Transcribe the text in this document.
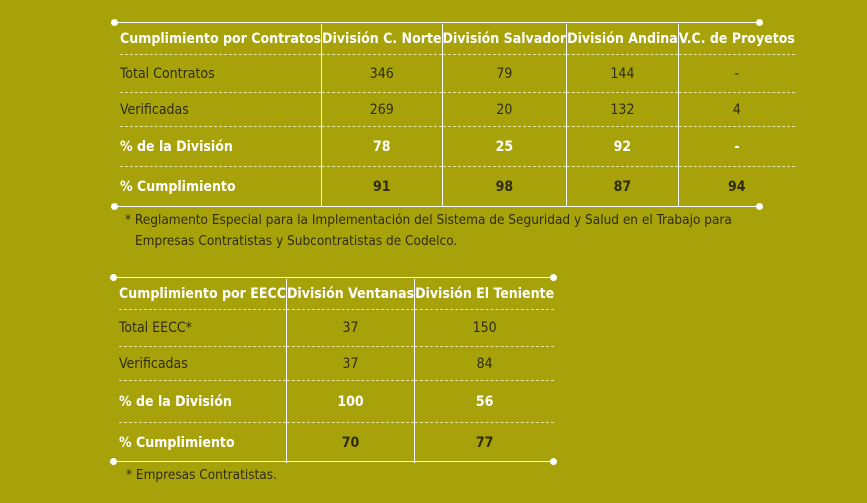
Cumplimiento por Contratos	División C. Norte	División Salvador	División Andina	V.C. de Proyetos
Total Contratos	346	79	144	-
Verificadas	269	20	132	4
% de la División	78	25	92	-
% Cumplimiento	91	98	87	94
* Reglamento Especial para la Implementación del Sistema de Seguridad y Salud en el Trabajo para
Empresas Contratistas y Subcontratistas de Codelco.
Cumplimiento por EECC	División Ventanas	División El Teniente
Total EECC*	37	150
Verificadas	37	84
% de la División	100	56
% Cumplimiento	70	77
* Empresas Contratistas.
